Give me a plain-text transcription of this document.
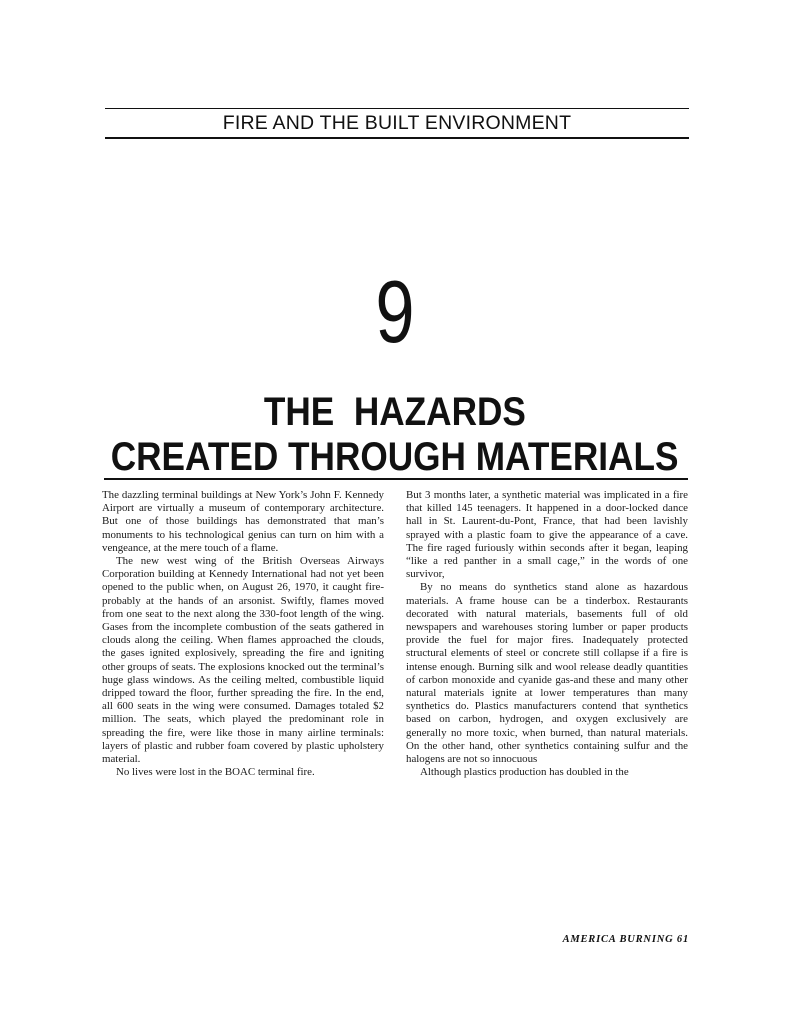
FIRE AND THE BUILT ENVIRONMENT
9
THE  HAZARDS
CREATED THROUGH MATERIALS

The dazzling terminal buildings at New York’s John F. Kennedy Airport are virtually a museum of contemporary architecture. But one of those buildings has demonstrated that man’s monuments to his technological genius can turn on him with a vengeance, at the mere touch of a flame.

The new west wing of the British Overseas Airways Corporation building at Kennedy International had not yet been opened to the public when, on August 26, 1970, it caught fire-probably at the hands of an arsonist. Swiftly, flames moved from one seat to the next along the 330-foot length of the wing. Gases from the incomplete combustion of the seats gathered in clouds along the ceiling. When flames approached the clouds, the gases ignited explosively, spreading the fire and igniting other groups of seats. The explosions knocked out the terminal’s huge glass windows. As the ceiling melted, combustible liquid dripped toward the floor, further spreading the fire. In the end, all 600 seats in the wing were consumed. Damages totaled $2 million. The seats, which played the predominant role in spreading the fire, were like those in many airline terminals: layers of plastic and rubber foam covered by plastic upholstery material.

No lives were lost in the BOAC terminal fire.

But 3 months later, a synthetic material was implicated in a fire that killed 145 teenagers. It happened in a door-locked dance hall in St. Laurent-du-Pont, France, that had been lavishly sprayed with a plastic foam to give the appearance of a cave. The fire raged furiously within seconds after it began, leaping “like a red panther in a small cage,” in the words of one survivor,

By no means do synthetics stand alone as hazardous materials. A frame house can be a tinderbox. Restaurants decorated with natural materials, basements full of old newspapers and warehouses storing lumber or paper products provide the fuel for major fires. Inadequately protected structural elements of steel or concrete still collapse if a fire is intense enough. Burning silk and wool release deadly quantities of carbon monoxide and cyanide gas-and these and many other natural materials ignite at lower temperatures than many synthetics do. Plastics manufacturers contend that synthetics based on carbon, hydrogen, and oxygen exclusively are generally no more toxic, when burned, than natural materials. On the other hand, other synthetics containing sulfur and the halogens are not so innocuous

Although plastics production has doubled in the

AMERICA BURNING 61
